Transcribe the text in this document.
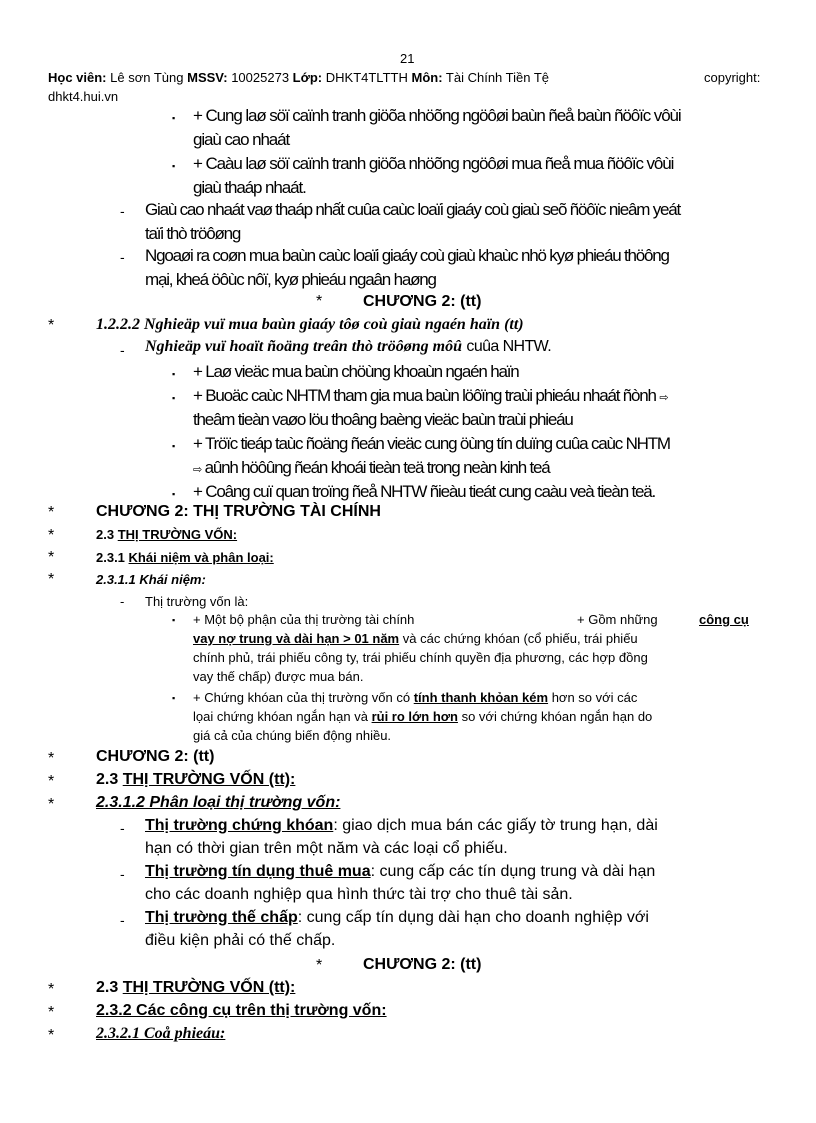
21
Học viên: Lê sơn Tùng MSSV: 10025273 Lớp: DHKT4TLTTH Môn: Tài Chính Tiền Tệ	copyright:
dhkt4.hui.vn
▪ + Cung laø söï caïnh tranh giöõa nhöõng ngöôøi baùn ñeå baùn ñöôïc vôùi
giaù cao nhaát
▪ + Caàu laø söï caïnh tranh giöõa nhöõng ngöôøi mua ñeå mua ñöôïc vôùi
giaù thaáp nhaát.
- Giaù cao nhaát vaø thaáp nhất cuûa caùc loaïi giaáy coù giaù seõ ñöôïc nieâm yeát
taïi thò tröôøng
- Ngoaøi ra coøn mua baùn caùc loaïi giaáy coù giaù khaùc nhö kyø phieáu thöông
mại, kheá öôùc nôï, kyø phieáu ngaân haøng
*	CHƯƠNG 2: (tt)
*	1.2.2.2 Nghieäp vuï mua baùn giaáy tôø coù giaù ngaén haïn (tt)
- Nghieäp vuï hoaït ñoäng treân thò tröôøng môû cuûa NHTW.
▪ + Laø vieäc mua baùn chöùng khoaùn ngaén haïn
▪ + Buoäc caùc NHTM tham gia mua baùn löôïng traùi phieáu nhaát ñònh ⇨
theâm tieàn vaøo löu thoâng baèng vieäc baùn traùi phieáu
▪ + Tröïc tieáp taùc ñoäng ñeán vieäc cung öùng tín duïng cuûa caùc NHTM
⇨ aûnh höôûng ñeán khoái tieàn teä trong neàn kinh teá
▪ + Coâng cuï quan troïng ñeå NHTW ñieàu tieát cung caàu veà tieàn teä.
*	CHƯƠNG 2: THỊ TRƯỜNG TÀI CHÍNH
*	2.3 THỊ TRƯỜNG VỐN:
*	2.3.1 Khái niệm và phân loại:
*	2.3.1.1 Khái niệm:
- Thị trường vốn là:
▪ + Một bộ phận của thị trường tài chính	+ Gồm những	công cụ
vay nợ trung và dài hạn > 01 năm và các chứng khóan (cổ phiếu, trái phiếu
chính phủ, trái phiếu công ty, trái phiếu chính quyền địa phương, các hợp đồng
vay thế chấp) được mua bán.
▪ + Chứng khóan của thị trường vốn có tính thanh khỏan kém hơn so với các
lọai chứng khóan ngắn hạn và rủi ro lớn hơn so với chứng khóan ngắn hạn do
giá cả của chúng biến động nhiều.
*	CHƯƠNG 2: (tt)
*	2.3 THỊ TRƯỜNG VỐN (tt):
*	2.3.1.2 Phân loại thị trường vốn:
- Thị trường chứng khóan: giao dịch mua bán các giấy tờ trung hạn, dài
hạn có thời gian trên một năm và các loại cổ phiếu.
- Thị trường tín dụng thuê mua: cung cấp các tín dụng trung và dài hạn
cho các doanh nghiệp qua hình thức tài trợ cho thuê tài sản.
- Thị trường thế chấp: cung cấp tín dụng dài hạn cho doanh nghiệp với
điều kiện phải có thế chấp.
*	CHƯƠNG 2: (tt)
*	2.3 THỊ TRƯỜNG VỐN (tt):
*	2.3.2 Các công cụ trên thị trường vốn:
*	2.3.2.1 Coå phieáu:
